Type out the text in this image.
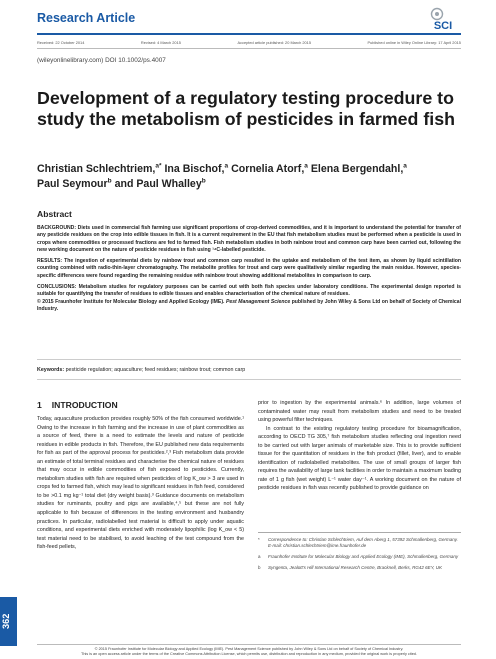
Research Article
SCI
Received: 22 October 2014	Revised: 4 March 2015	Accepted article published: 20 March 2015	Published online in Wiley Online Library: 17 April 2015
(wileyonlinelibrary.com) DOI 10.1002/ps.4007
Development of a regulatory testing procedure to study the metabolism of pesticides in farmed fish
Christian Schlechtriem,$^{a*}$ Ina Bischof,$^a$ Cornelia Atorf,$^a$ Elena Bergendahl,$^a$
Paul Seymour$^b$ and Paul Whalley$^b$
Abstract

BACKGROUND: Diets used in commercial fish farming use significant proportions of crop-derived commodities, and it is important to understand the potential for transfer of any pesticide residues on the crop into edible tissues in fish. It is a current requirement in the EU that fish metabolism studies must be performed when a pesticide is used in crops where commodities or processed fractions are fed to farmed fish. Fish metabolism studies in both rainbow trout and common carp have been carried out, following the new working document on the nature of pesticide residues in fish using ¹⁴C-labelled pesticide.

RESULTS: The ingestion of experimental diets by rainbow trout and common carp resulted in the uptake and metabolism of the test item, as shown by liquid scintillation counting combined with radio-thin-layer chromatography. The metabolite profiles for trout and carp were qualitatively similar regarding the main residue. However, species-specific differences were found regarding the remaining residue with rainbow trout showing additional metabolites in comparison to carp.

CONCLUSIONS: Metabolism studies for regulatory purposes can be carried out with both fish species under laboratory conditions. The experimental design reported is suitable for quantifying the transfer of residues to edible tissues and enables characterisation of the chemical nature of residues.
© 2015 Fraunhofer Institute for Molecular Biology and Applied Ecology (IME). Pest Management Science published by John Wiley & Sons Ltd on behalf of Society of Chemical Industry.

Keywords: pesticide regulation; aquaculture; feed residues; rainbow trout; common carp
1 INTRODUCTION

Today, aquaculture production provides roughly 50% of the fish consumed worldwide.¹ Owing to the increase in fish farming and the increase in use of plant commodities as a source of feed, there is a need to estimate the levels and nature of pesticide residues in edible products in fish. Therefore, the EU published new data requirements for fish as part of the approval process for pesticides.²,³ Fish metabolism data provide an estimate of total terminal residues and characterise the chemical nature of residues that may occur in edible commodities of fish exposed to pesticides. Currently, metabolism studies with fish are required when pesticides of log K_ow > 3 are used in crops fed to farmed fish, which may lead to significant residues in fish feed, considered to be >0.1 mg kg⁻¹ total diet (dry weight basis).³ Guidance documents on metabolism studies for ruminants, poultry and pigs are available,⁴,⁵ but these are not fully applicable to fish because of differences in the testing environment and husbandry practices. In particular, radiolabelled test material is difficult to apply under aquatic conditions, and experimental diets enriched with moderately lipophilic (log K_ow < 5) test material need to be stabilised, to avoid leaching of the test compound from the fish-feed pellets,

prior to ingestion by the experimental animals.⁶ In addition, large volumes of contaminated water may result from metabolism studies and need to be treated using powerful filter techniques.

In contrast to the existing regulatory testing procedure for bioamagnification, according to OECD TG 305,⁷ fish metabolism studies reflecting oral ingestion need to be carried out with larger animals of marketable size. This is to provide sufficient tissue for the quantitation of residues in the fish product (fillet, liver), and to enable identification of radiolabelled metabolites. The use of small groups of larger fish requires the availability of large tank facilities in order to maintain a maximum loading rate of 1 g fish (wet weight) L⁻¹ water day⁻¹. A working document on the nature of pesticide residues in fish was recently published to provide guidance on

*	Correspondence to: Christian Schlechtriem, Auf dem Aberg 1, 57392 Schmallenberg, Germany. E-mail: christian.schlechtriem@ime.fraunhofer.de
a	Fraunhofer Institute for Molecular Biology and Applied Ecology (IME), Schmallenberg, Germany
b	Syngenta, Jealott's Hill International Research Centre, Bracknell, Berks, RG42 6EY, UK
362
© 2015 Fraunhofer Institute for Molecular Biology and Applied Ecology (IME). Pest Management Science published by John Wiley & Sons Ltd on behalf of Society of Chemical Industry.
This is an open access article under the terms of the Creative Commons Attribution License, which permits use, distribution and reproduction in any medium, provided the original work is properly cited.
